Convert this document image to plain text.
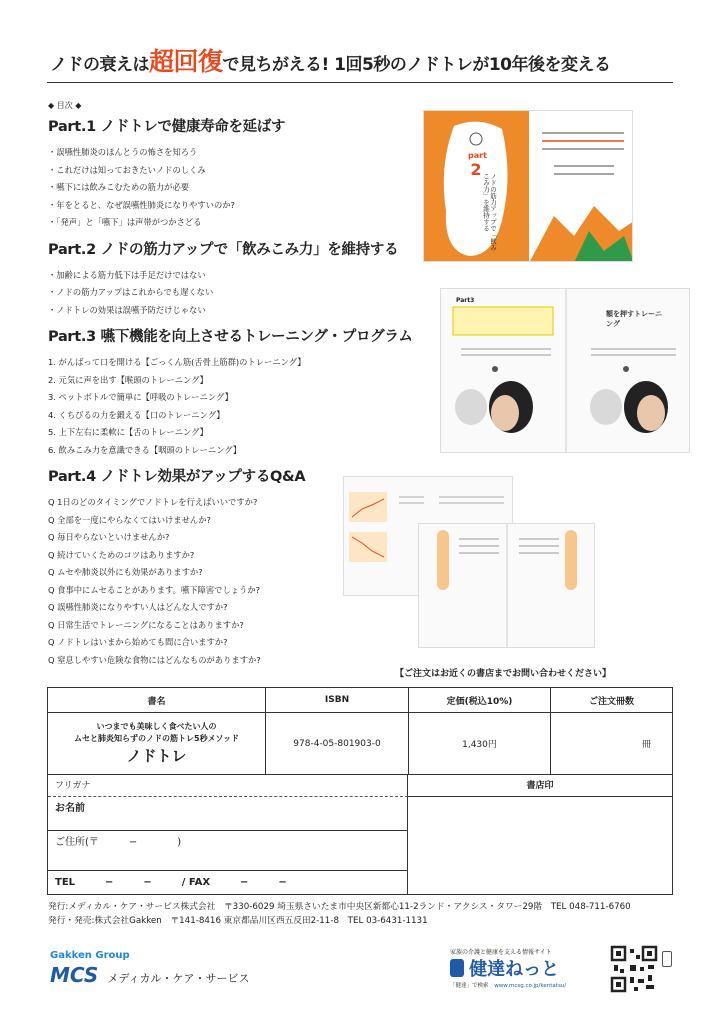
ノドの衰えは超回復で見ちがえる! 1回5秒のノドトレが10年後を変える
◆ 目次 ◆
Part.1 ノドトレで健康寿命を延ばす
・誤嚥性肺炎のほんとうの怖さを知ろう
・これだけは知っておきたいノドのしくみ
・嚥下には飲みこむための筋力が必要
・年をとると、なぜ誤嚥性肺炎になりやすいのか?
・「発声」と「嚥下」は声帯がつかさどる
Part.2 ノドの筋力アップで「飲みこみ力」を維持する
・加齢による筋力低下は手足だけではない
・ノドの筋力アップはこれからでも遅くない
・ノドトレの効果は誤嚥予防だけじゃない
Part.3 嚥下機能を向上させるトレーニング・プログラム
1. がんばって口を開ける【ごっくん筋(舌骨上筋群)のトレーニング】
2. 元気に声を出す【喉頭のトレーニング】
3. ペットボトルで簡単に【呼吸のトレーニング】
4. くちびるの力を鍛える【口のトレーニング】
5. 上下左右に柔軟に【舌のトレーニング】
6. 飲みこみ力を意識できる【咽頭のトレーニング】
Part.4 ノドトレ効果がアップするQ&A
Q 1日のどのタイミングでノドトレを行えばいいですか?
Q 全部を一度にやらなくてはいけませんか?
Q 毎日やらないといけませんか?
Q 続けていくためのコツはありますか?
Q ムセや肺炎以外にも効果がありますか?
Q 食事中にムセることがあります。嚥下障害でしょうか?
Q 誤嚥性肺炎になりやすい人はどんな人ですか?
Q 日常生活でトレーニングになることはありますか?
Q ノドトレはいまから始めても間に合いますか?
Q 窒息しやすい危険な食物にはどんなものがありますか?
part
2
ノドの筋力アップで「飲みこみ力」を維持する
Part3
額を押すトレーニング
【ご注文はお近くの書店までお問い合わせください】
書名	ISBN	定価(税込10%)	ご注文冊数

いつまでも美味しく食べたい人の
ムセと肺炎知らずのノドの筋トレ5秒メソッド
ノドトレ	978-4-05-801903-0	1,430円	冊
フリガナ
お名前
ご住所(〒　　　−　　　　)
TEL　　　−　　　−　　　/ FAX　　　−　　　−
書店印
発行:メディカル・ケア・サービス株式会社　〒330-6029 埼玉県さいたま市中央区新都心11-2ランド・アクシス・タワー29階　TEL 048-711-6760
発行・発売:株式会社Gakken　〒141-8416 東京都品川区西五反田2-11-8　TEL 03-6431-1131
Gakken Group
MCS メディカル・ケア・サービス
家族の介護と健康を支える情報サイト
健達ねっと
「健達」で検索 www.mcsg.co.jp/kentatsu/
